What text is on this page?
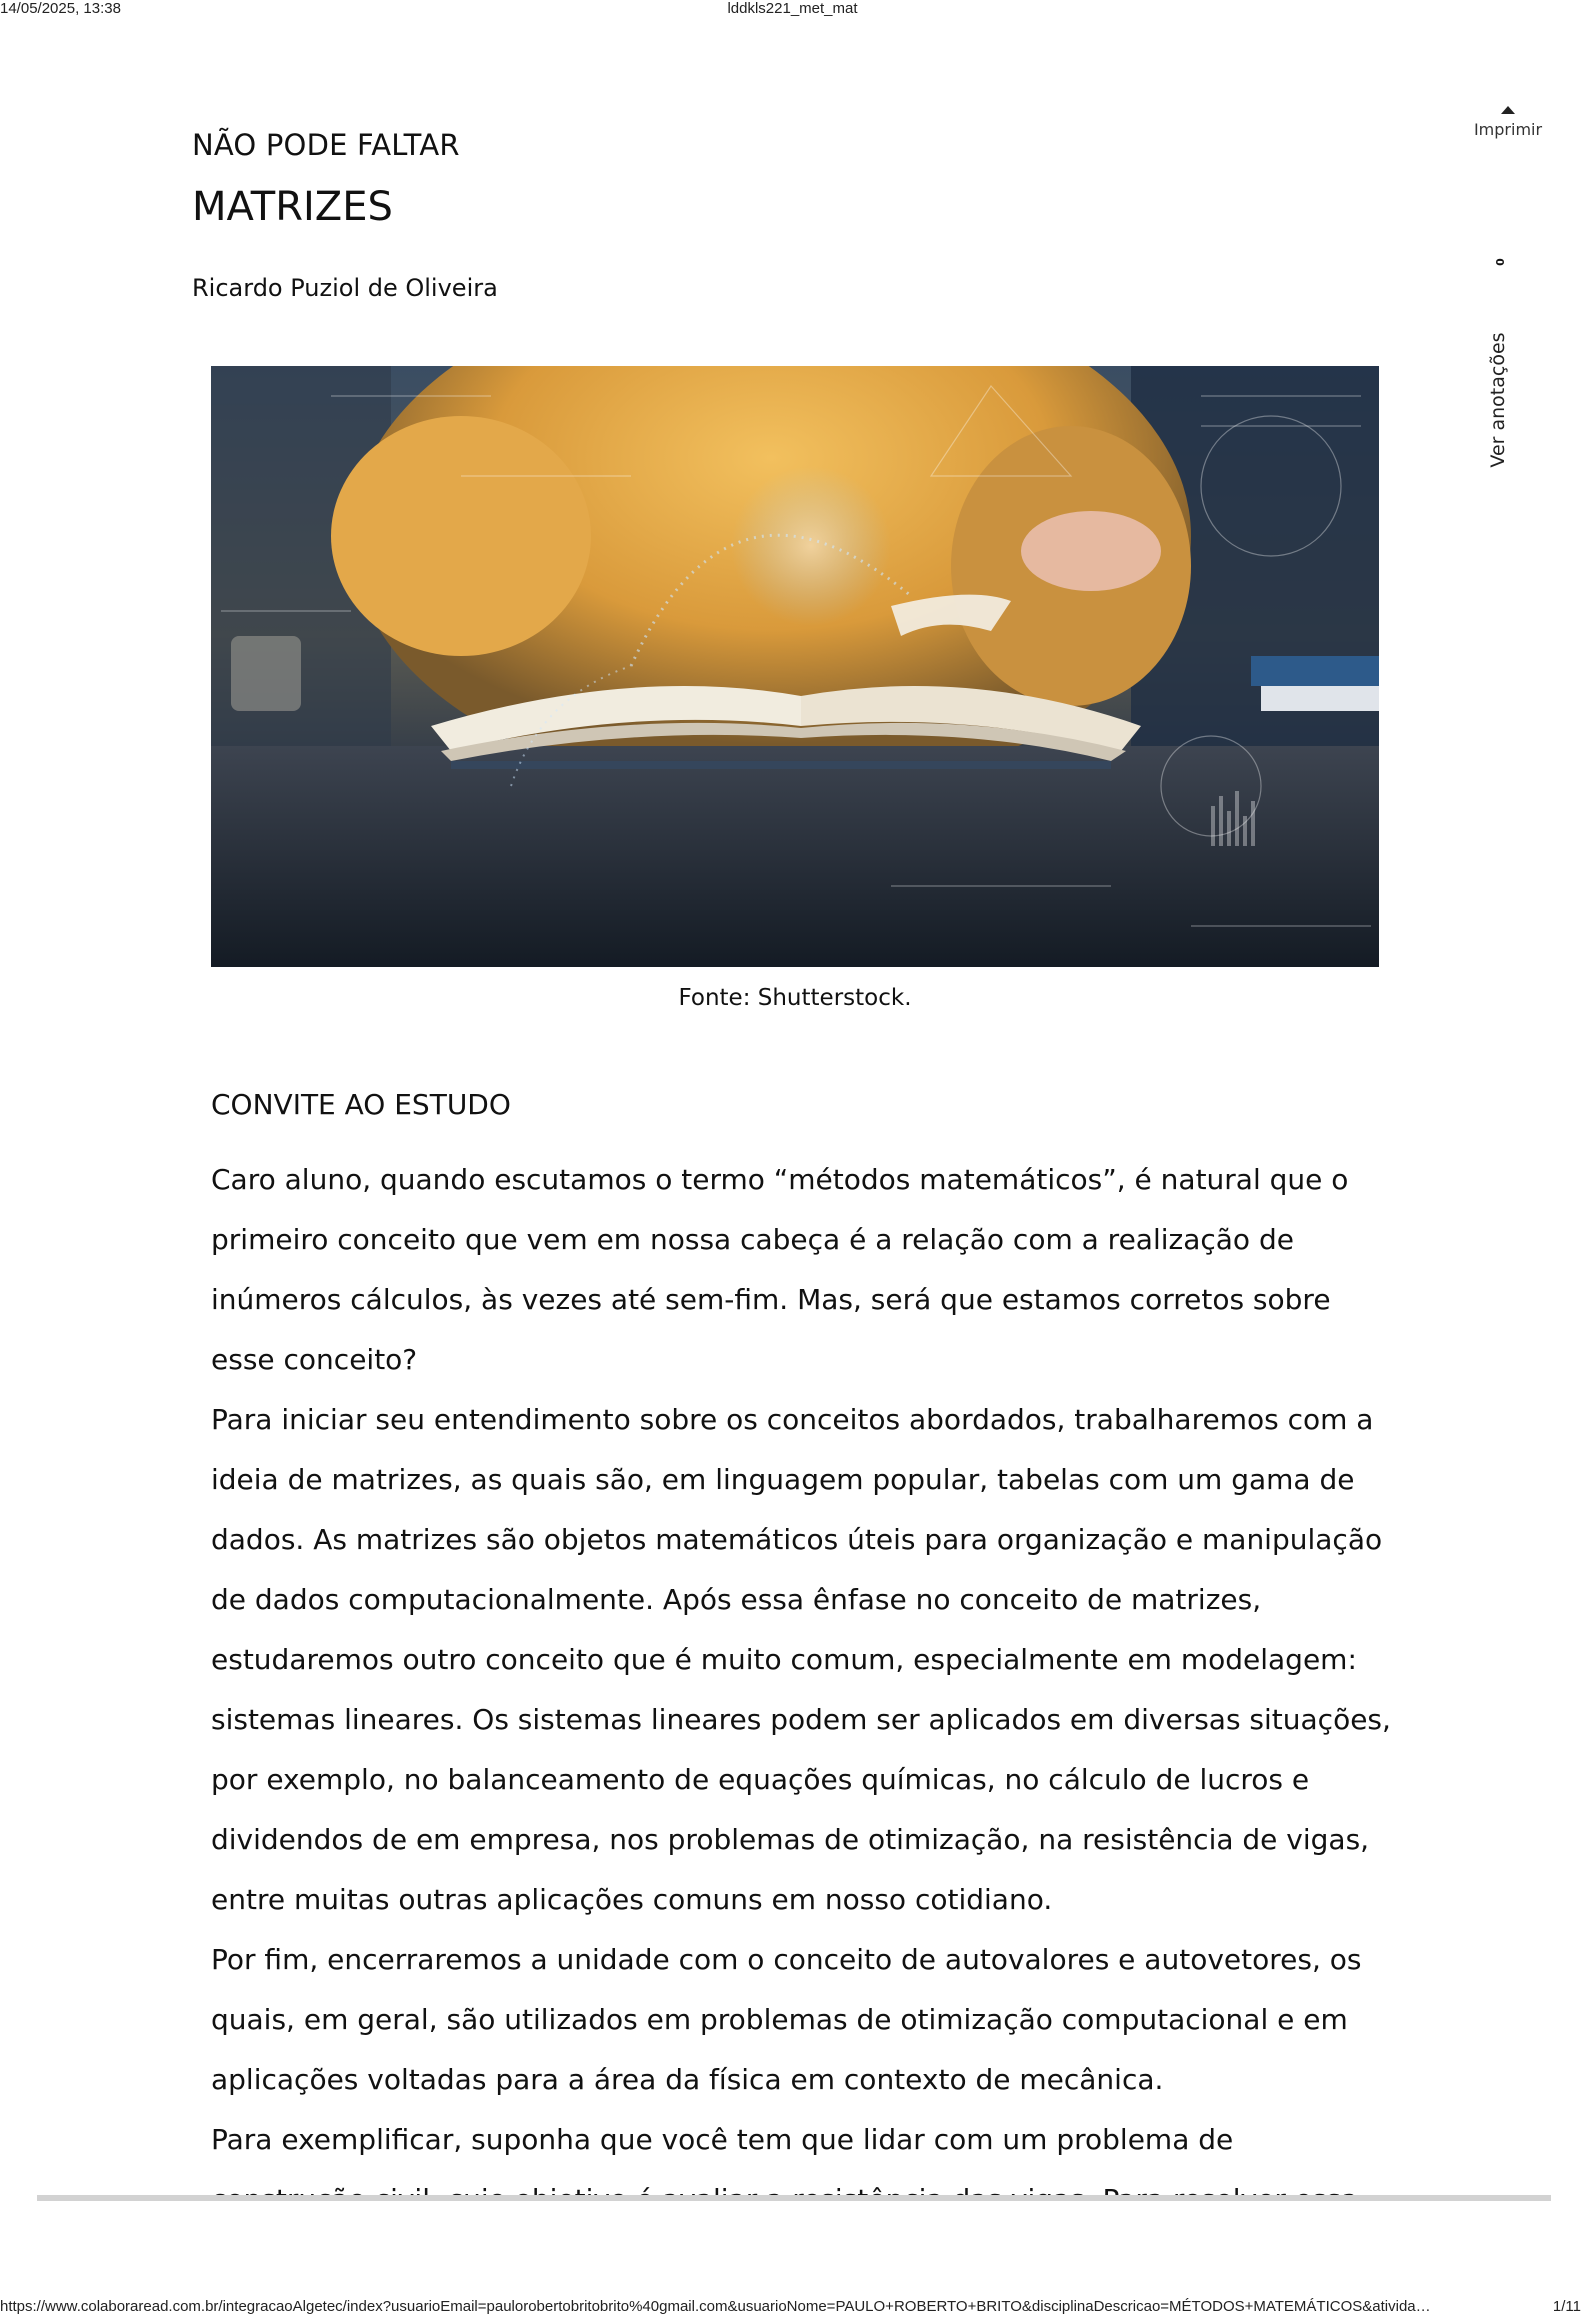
14/05/2025, 13:38	lddkls221_met_mat
Imprimir
0
Ver anotações
NÃO PODE FALTAR
MATRIZES
Ricardo Puziol de Oliveira
Fonte: Shutterstock.
CONVITE AO ESTUDO

Caro aluno, quando escutamos o termo “métodos matemáticos”, é natural que o primeiro conceito que vem em nossa cabeça é a relação com a realização de inúmeros cálculos, às vezes até sem-fim. Mas, será que estamos corretos sobre esse conceito?

Para iniciar seu entendimento sobre os conceitos abordados, trabalharemos com a ideia de matrizes, as quais são, em linguagem popular, tabelas com um gama de dados. As matrizes são objetos matemáticos úteis para organização e manipulação de dados computacionalmente. Após essa ênfase no conceito de matrizes, estudaremos outro conceito que é muito comum, especialmente em modelagem: sistemas lineares. Os sistemas lineares podem ser aplicados em diversas situações, por exemplo, no balanceamento de equações químicas, no cálculo de lucros e dividendos de em empresa, nos problemas de otimização, na resistência de vigas, entre muitas outras aplicações comuns em nosso cotidiano.

Por fim, encerraremos a unidade com o conceito de autovalores e autovetores, os quais, em geral, são utilizados em problemas de otimização computacional e em aplicações voltadas para a área da física em contexto de mecânica.

Para exemplificar, suponha que você tem que lidar com um problema de

https://www.colaboraread.com.br/integracaoAlgetec/index?usuarioEmail=paulorobertobritobrito%40gmail.com&usuarioNome=PAULO+ROBERTO+BRITO&disciplinaDescricao=MÉTODOS+MATEMÁTICOS&ativida…	1/11
